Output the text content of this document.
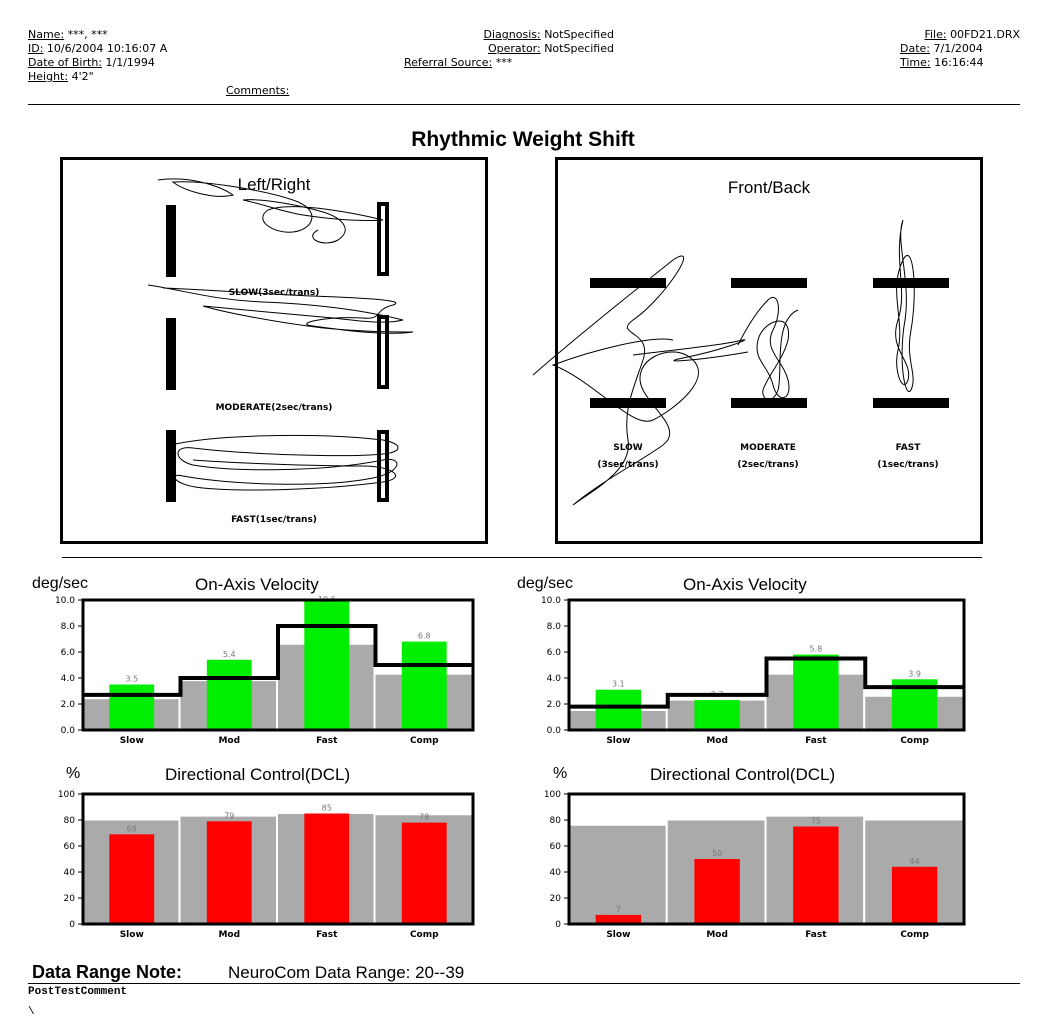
Name: ***, ***
ID: 10/6/2004 10:16:07 A
Date of Birth: 1/1/1994
Height: 4'2"
Comments:
Diagnosis: NotSpecified
Operator: NotSpecified
Referral Source: ***
File: 00FD21.DRX
Date: 7/1/2004
Time: 16:16:44
Rhythmic Weight Shift
Left/Right
SLOW(3sec/trans)
MODERATE(2sec/trans)
FAST(1sec/trans)
Front/Back
SLOW
(3sec/trans)
MODERATE
(2sec/trans)
FAST
(1sec/trans)
deg/sec	On-Axis Velocity
3.5
5.4
10.6
6.8
0.0
2.0
4.0
6.0
8.0
10.0
Slow	Mod	Fast	Comp
deg/sec	On-Axis Velocity
3.1
2.3
5.8
3.9
0.0
2.0
4.0
6.0
8.0
10.0
Slow	Mod	Fast	Comp
%	Directional Control(DCL)
69
79
85
78
0
20
40
60
80
100
Slow	Mod	Fast	Comp
%	Directional Control(DCL)
7
50
75
44
0
20
40
60
80
100
Slow	Mod	Fast	Comp
Data Range Note:	NeuroCom Data Range: 20--39
PostTestComment
\
